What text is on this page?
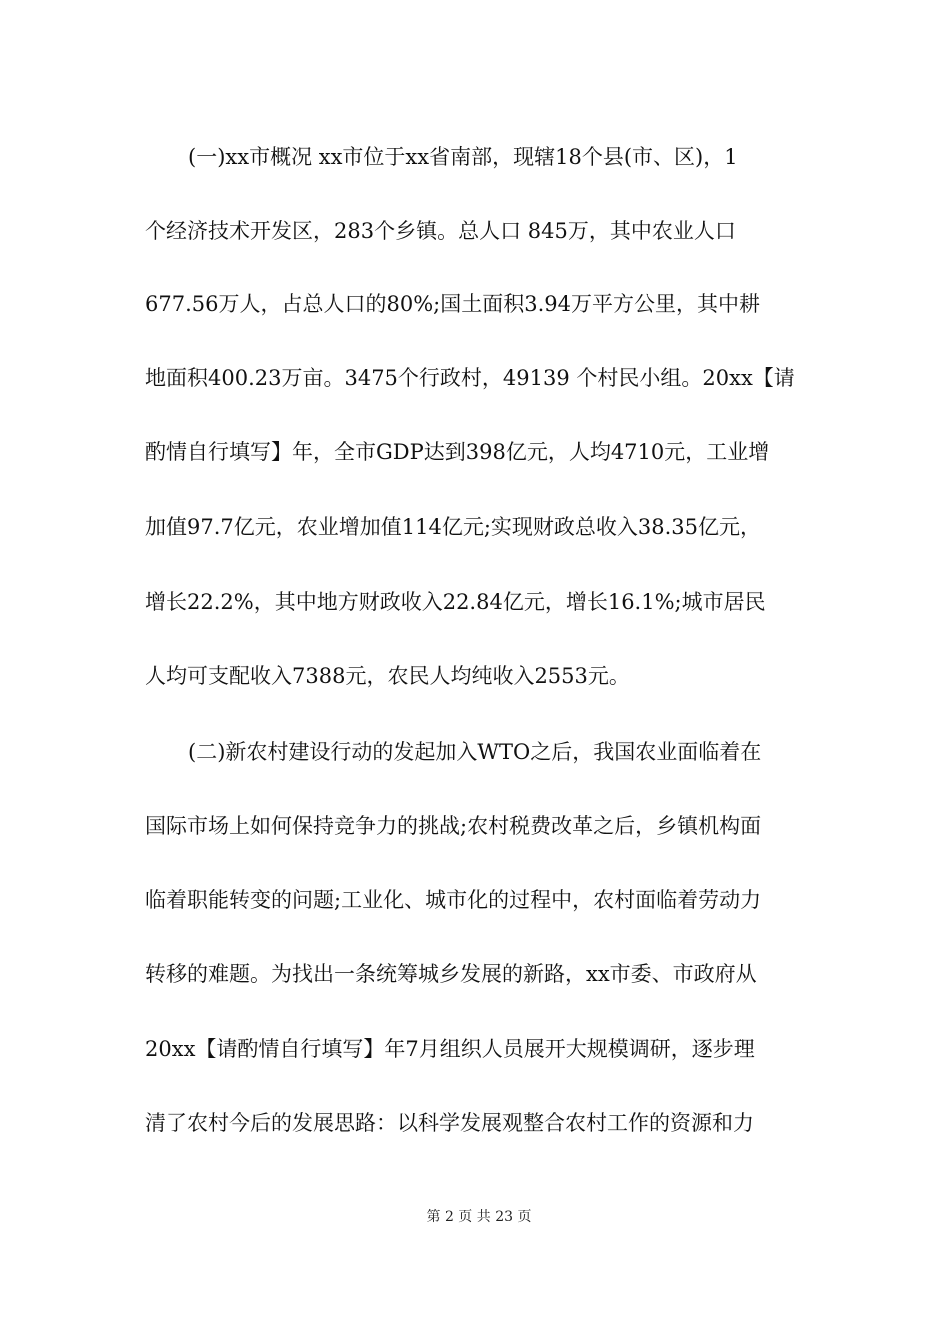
(一)xx市概况 xx市位于xx省南部，现辖18个县(市、区)，1
个经济技术开发区，283个乡镇。总人口 845万，其中农业人口
677.56万人，占总人口的80%;国土面积3.94万平方公里，其中耕
地面积400.23万亩。3475个行政村，49139 个村民小组。20xx【请
酌情自行填写】年，全市GDP达到398亿元，人均4710元，工业增
加值97.7亿元，农业增加值114亿元;实现财政总收入38.35亿元，
增长22.2%，其中地方财政收入22.84亿元，增长16.1%;城市居民
人均可支配收入7388元，农民人均纯收入2553元。
(二)新农村建设行动的发起加入WTO之后，我国农业面临着在
国际市场上如何保持竞争力的挑战;农村税费改革之后，乡镇机构面
临着职能转变的问题;工业化、城市化的过程中，农村面临着劳动力
转移的难题。为找出一条统筹城乡发展的新路，xx市委、市政府从
20xx【请酌情自行填写】年7月组织人员展开大规模调研，逐步理
清了农村今后的发展思路：以科学发展观整合农村工作的资源和力
第 2 页 共 23 页
